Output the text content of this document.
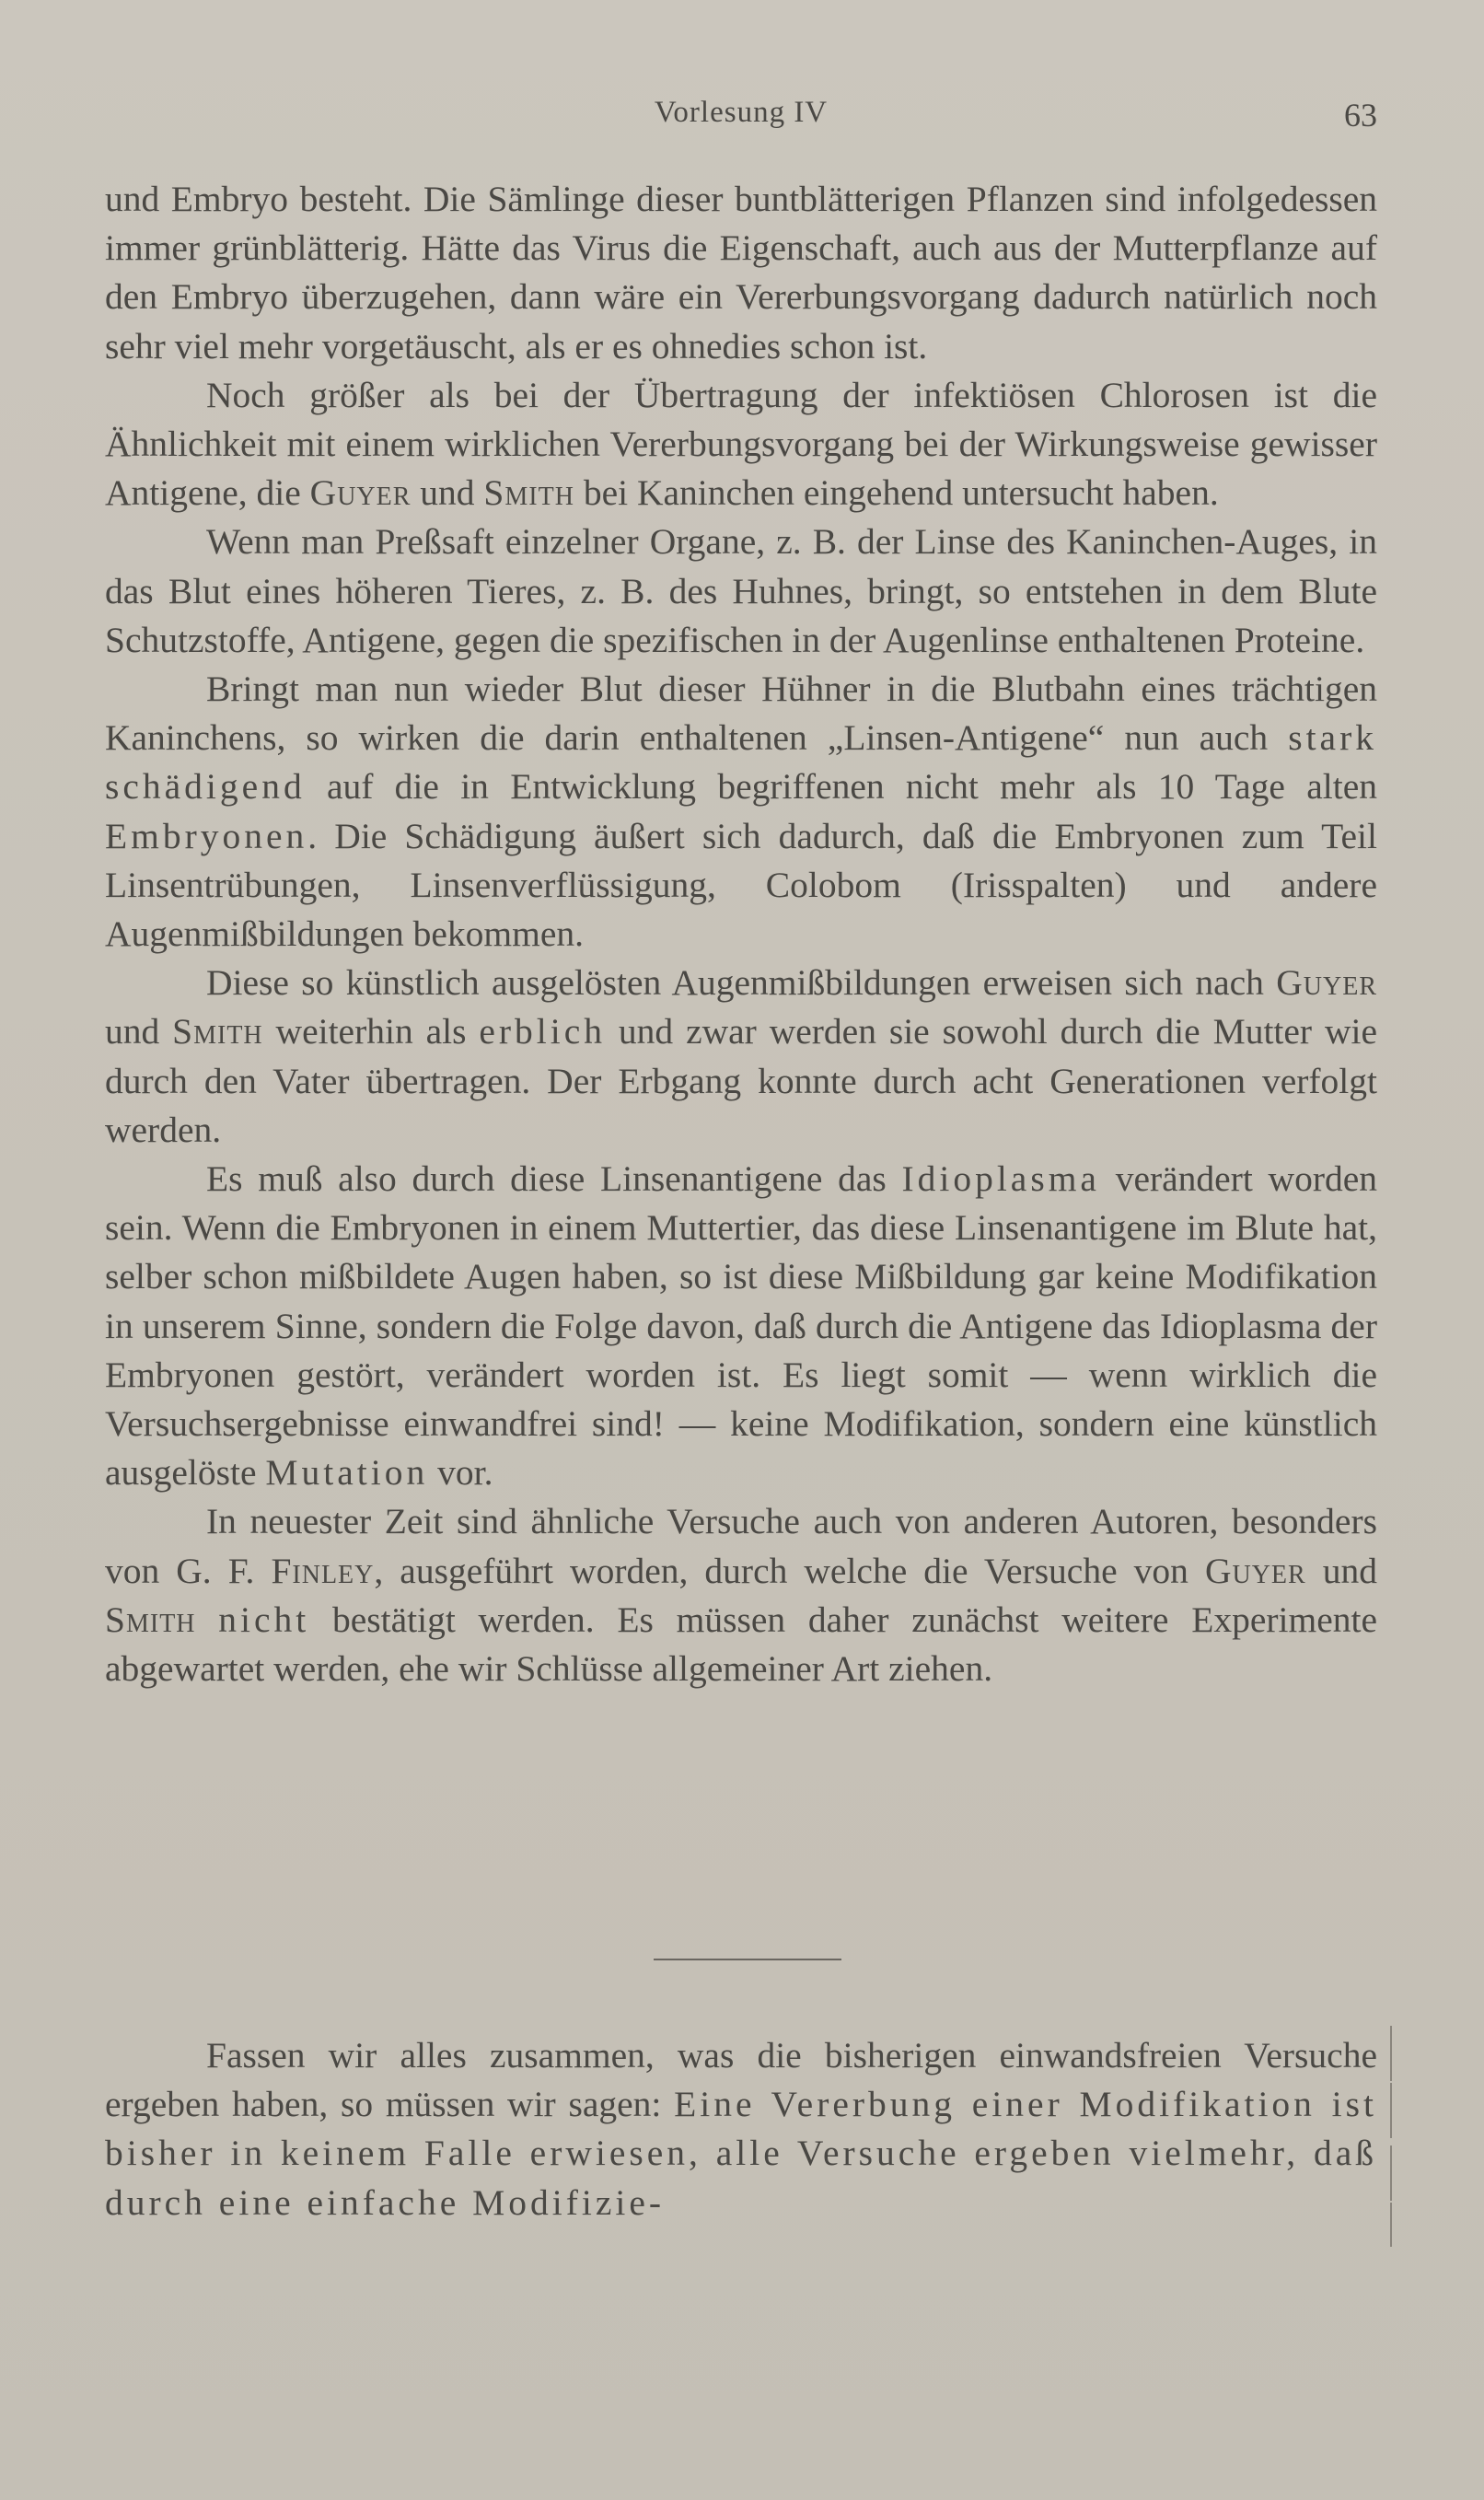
Vorlesung IV	63

und Embryo besteht. Die Sämlinge dieser buntblätterigen Pflanzen sind infolgedessen immer grünblätterig. Hätte das Virus die Eigenschaft, auch aus der Mutterpflanze auf den Embryo überzugehen, dann wäre ein Vererbungsvorgang dadurch natürlich noch sehr viel mehr vorgetäuscht, als er es ohnedies schon ist.

Noch größer als bei der Übertragung der infektiösen Chlorosen ist die Ähnlichkeit mit einem wirklichen Vererbungsvorgang bei der Wirkungsweise gewisser Antigene, die Guyer und Smith bei Kaninchen eingehend untersucht haben.

Wenn man Preßsaft einzelner Organe, z. B. der Linse des Kaninchen-Auges, in das Blut eines höheren Tieres, z. B. des Huhnes, bringt, so entstehen in dem Blute Schutzstoffe, Antigene, gegen die spezifischen in der Augenlinse enthaltenen Proteine.

Bringt man nun wieder Blut dieser Hühner in die Blutbahn eines trächtigen Kaninchens, so wirken die darin enthaltenen „Linsen-Antigene“ nun auch stark schädigend auf die in Entwicklung begriffenen nicht mehr als 10 Tage alten Embryonen. Die Schädigung äußert sich dadurch, daß die Embryonen zum Teil Linsentrübungen, Linsenverflüssigung, Colobom (Irisspalten) und andere Augenmißbildungen bekommen.

Diese so künstlich ausgelösten Augenmißbildungen erweisen sich nach Guyer und Smith weiterhin als erblich und zwar werden sie sowohl durch die Mutter wie durch den Vater übertragen. Der Erbgang konnte durch acht Generationen verfolgt werden.

Es muß also durch diese Linsenantigene das Idioplasma verändert worden sein. Wenn die Embryonen in einem Muttertier, das diese Linsenantigene im Blute hat, selber schon mißbildete Augen haben, so ist diese Mißbildung gar keine Modifikation in unserem Sinne, sondern die Folge davon, daß durch die Antigene das Idioplasma der Embryonen gestört, verändert worden ist. Es liegt somit — wenn wirklich die Versuchsergebnisse einwandfrei sind! — keine Modifikation, sondern eine künstlich ausgelöste Mutation vor.

In neuester Zeit sind ähnliche Versuche auch von anderen Autoren, besonders von G. F. Finley, ausgeführt worden, durch welche die Versuche von Guyer und Smith nicht bestätigt werden. Es müssen daher zunächst weitere Experimente abgewartet werden, ehe wir Schlüsse allgemeiner Art ziehen.

Fassen wir alles zusammen, was die bisherigen einwandsfreien Versuche ergeben haben, so müssen wir sagen: Eine Vererbung einer Modifikation ist bisher in keinem Falle erwiesen, alle Versuche ergeben vielmehr, daß durch eine einfache Modifizie-
